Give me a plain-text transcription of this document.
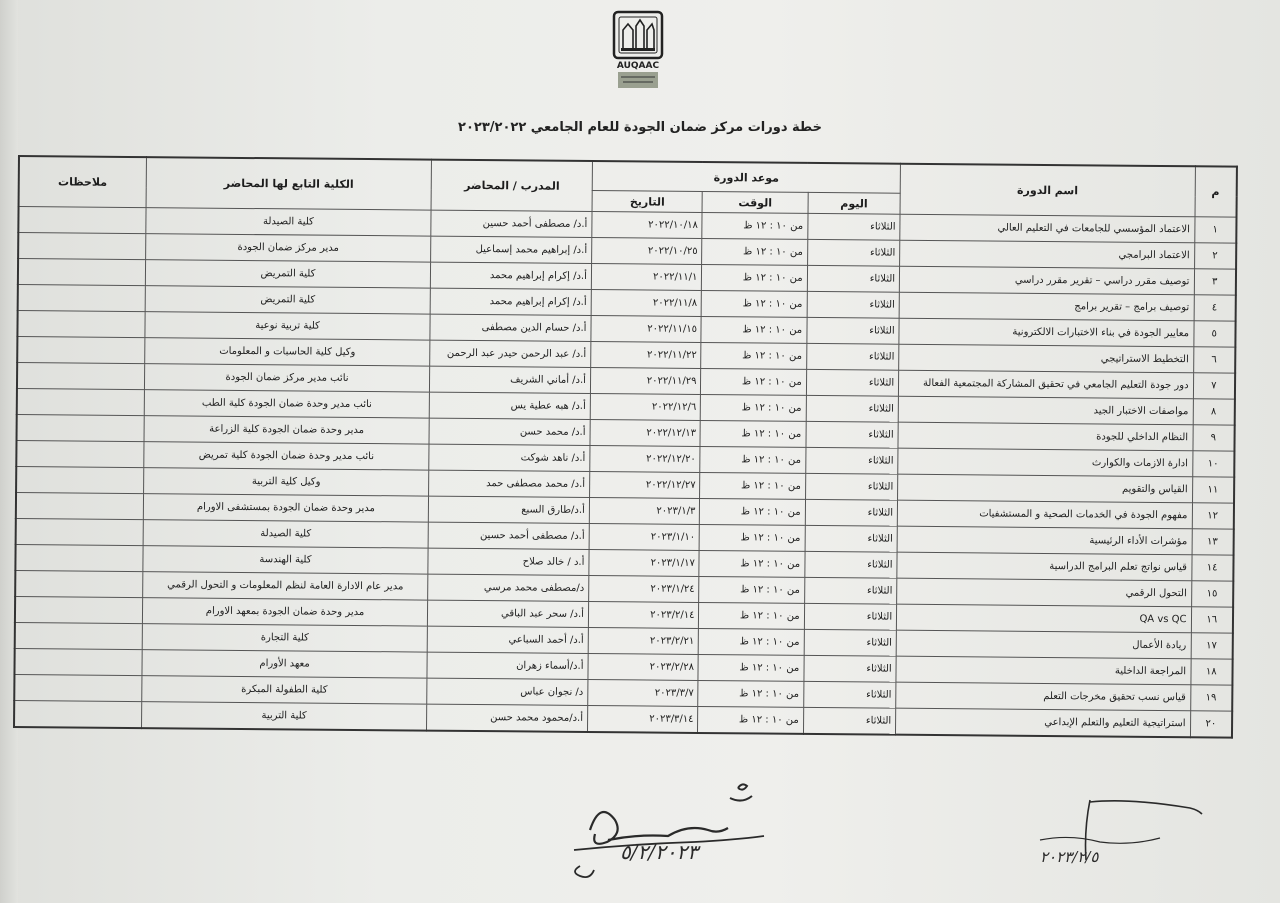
AUQAAC
خطة دورات مركز ضمان الجودة للعام الجامعي ٢٠٢٣/٢٠٢٢
م	اسم الدورة	موعد الدورة			المدرب / المحاضر	الكلية التابع لها المحاضر	ملاحظات
		اليوم	الوقت	التاريخ			
١	الاعتماد المؤسسي للجامعات في التعليم العالي	الثلاثاء	من ١٠ : ١٢ ظ	٢٠٢٢/١٠/١٨	أ.د/ مصطفى أحمد حسين	كلية الصيدلة	
٢	الاعتماد البرامجي	الثلاثاء	من ١٠ : ١٢ ظ	٢٠٢٢/١٠/٢٥	أ.د/ إبراهيم محمد إسماعيل	مدير مركز ضمان الجودة	
٣	توصيف مقرر دراسي – تقرير مقرر دراسي	الثلاثاء	من ١٠ : ١٢ ظ	٢٠٢٢/١١/١	أ.د/ إكرام إبراهيم محمد	كلية التمريض	
٤	توصيف برامج – تقرير برامج	الثلاثاء	من ١٠ : ١٢ ظ	٢٠٢٢/١١/٨	أ.د/ إكرام إبراهيم محمد	كلية التمريض	
٥	معايير الجودة في بناء الاختبارات الالكترونية	الثلاثاء	من ١٠ : ١٢ ظ	٢٠٢٢/١١/١٥	أ.د/ حسام الدين مصطفى	كلية تربية نوعية	
٦	التخطيط الاستراتيجي	الثلاثاء	من ١٠ : ١٢ ظ	٢٠٢٢/١١/٢٢	أ.د/ عبد الرحمن حيدر عبد الرحمن	وكيل كلية الحاسبات و المعلومات	
٧	دور جودة التعليم الجامعي في تحقيق المشاركة المجتمعية الفعالة	الثلاثاء	من ١٠ : ١٢ ظ	٢٠٢٢/١١/٢٩	أ.د/ أماني الشريف	نائب مدير مركز ضمان الجودة	
٨	مواصفات الاختبار الجيد	الثلاثاء	من ١٠ : ١٢ ظ	٢٠٢٢/١٢/٦	أ.د/ هبه عطية يس	نائب مدير وحدة ضمان الجودة كلية الطب	
٩	النظام الداخلي للجودة	الثلاثاء	من ١٠ : ١٢ ظ	٢٠٢٢/١٢/١٣	أ.د/ محمد حسن	مدير وحدة ضمان الجودة كلية الزراعة	
١٠	ادارة الازمات والكوارث	الثلاثاء	من ١٠ : ١٢ ظ	٢٠٢٢/١٢/٢٠	أ.د/ ناهد شوكت	نائب مدير وحدة ضمان الجودة كلية تمريض	
١١	القياس والتقويم	الثلاثاء	من ١٠ : ١٢ ظ	٢٠٢٢/١٢/٢٧	أ.د/ محمد مصطفى حمد	وكيل كلية التربية	
١٢	مفهوم الجودة في الخدمات الصحية و المستشفيات	الثلاثاء	من ١٠ : ١٢ ظ	٢٠٢٣/١/٣	أ.د/طارق السبع	مدير وحدة ضمان الجودة بمستشفى الاورام	
١٣	مؤشرات الأداء الرئيسية	الثلاثاء	من ١٠ : ١٢ ظ	٢٠٢٣/١/١٠	أ.د/ مصطفى أحمد حسين	كلية الصيدلة	
١٤	قياس نواتج تعلم البرامج الدراسية	الثلاثاء	من ١٠ : ١٢ ظ	٢٠٢٣/١/١٧	أ.د / خالد صلاح	كلية الهندسة	
١٥	التحول الرقمي	الثلاثاء	من ١٠ : ١٢ ظ	٢٠٢٣/١/٢٤	د/مصطفى محمد مرسي	مدير عام الادارة العامة لنظم المعلومات و التحول الرقمي	
١٦	QA vs QC	الثلاثاء	من ١٠ : ١٢ ظ	٢٠٢٣/٢/١٤	أ.د/ سحر عبد الباقي	مدير وحدة ضمان الجودة بمعهد الاورام	
١٧	ريادة الأعمال	الثلاثاء	من ١٠ : ١٢ ظ	٢٠٢٣/٢/٢١	أ.د/ أحمد السباعي	كلية التجارة	
١٨	المراجعة الداخلية	الثلاثاء	من ١٠ : ١٢ ظ	٢٠٢٣/٢/٢٨	أ.د/أسماء زهران	معهد الأورام	
١٩	قياس نسب تحقيق مخرجات التعلم	الثلاثاء	من ١٠ : ١٢ ظ	٢٠٢٣/٣/٧	د/ نجوان عباس	كلية الطفولة المبكرة	
٢٠	استراتيجية التعليم والتعلم الإبداعي	الثلاثاء	من ١٠ : ١٢ ظ	٢٠٢٣/٣/١٤	أ.د/محمود محمد حسن	كلية التربية	
٥/٢/٢٠٢٣	٢٠٢٣/٢/٥
